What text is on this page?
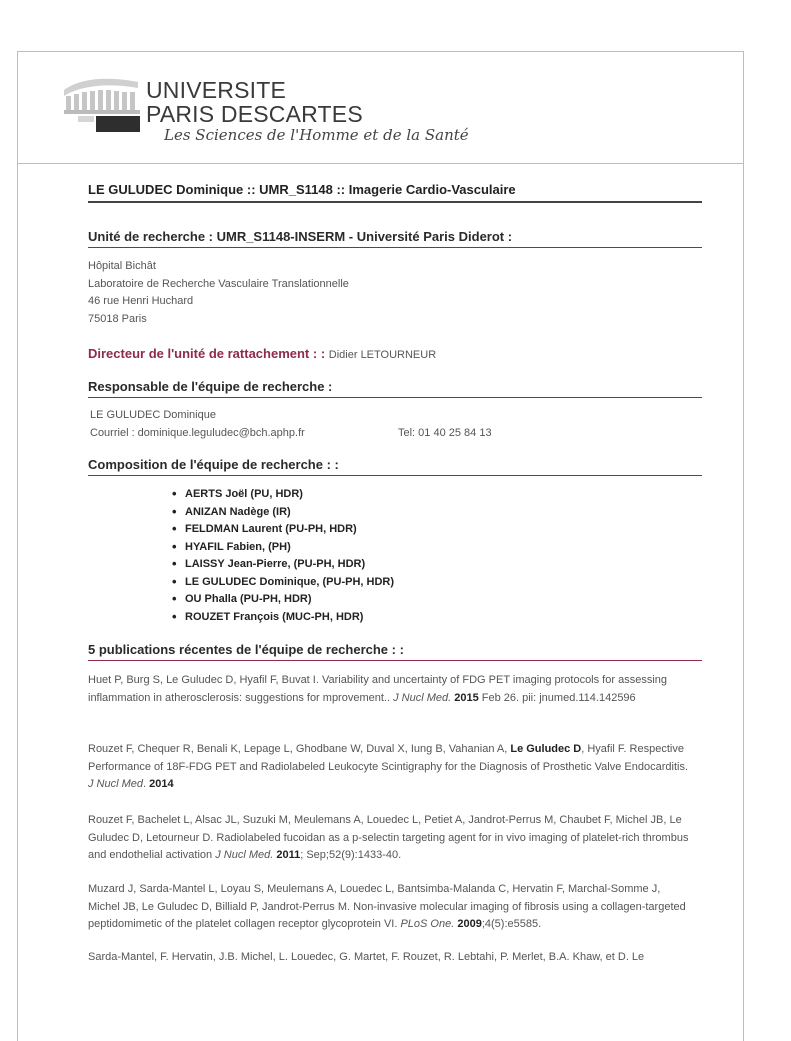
UNIVERSITE
PARIS DESCARTES
Les Sciences de l'Homme et de la Santé
LE GULUDEC Dominique :: UMR_S1148 :: Imagerie Cardio-Vasculaire
Unité de recherche : UMR_S1148-INSERM - Université Paris Diderot :
Hôpital Bichât
Laboratoire de Recherche Vasculaire Translationnelle
46 rue Henri Huchard
75018 Paris
Directeur de l'unité de rattachement : : Didier LETOURNEUR
Responsable de l'équipe de recherche :
LE GULUDEC Dominique
Courriel : dominique.leguludec@bch.aphp.fr	Tel: 01 40 25 84 13
Composition de l'équipe de recherche : :
• AERTS Joël (PU, HDR)
• ANIZAN Nadège (IR)
• FELDMAN Laurent (PU-PH, HDR)
• HYAFIL Fabien, (PH)
• LAISSY Jean-Pierre, (PU-PH, HDR)
• LE GULUDEC Dominique, (PU-PH, HDR)
• OU Phalla (PU-PH, HDR)
• ROUZET François (MUC-PH, HDR)
5 publications récentes de l'équipe de recherche : :
Huet P, Burg S, Le Guludec D, Hyafil F, Buvat I. Variability and uncertainty of FDG PET imaging protocols for assessing inflammation in atherosclerosis: suggestions for mprovement.. J Nucl Med. 2015 Feb 26. pii: jnumed.114.142596
Rouzet F, Chequer R, Benali K, Lepage L, Ghodbane W, Duval X, Iung B, Vahanian A, Le Guludec D, Hyafil F. Respective Performance of 18F-FDG PET and Radiolabeled Leukocyte Scintigraphy for the Diagnosis of Prosthetic Valve Endocarditis. J Nucl Med. 2014
Rouzet F, Bachelet L, Alsac JL, Suzuki M, Meulemans A, Louedec L, Petiet A, Jandrot-Perrus M, Chaubet F, Michel JB, Le Guludec D, Letourneur D. Radiolabeled fucoidan as a p-selectin targeting agent for in vivo imaging of platelet-rich thrombus and endothelial activation J Nucl Med. 2011; Sep;52(9):1433-40.
Muzard J, Sarda-Mantel L, Loyau S, Meulemans A, Louedec L, Bantsimba-Malanda C, Hervatin F, Marchal-Somme J, Michel JB, Le Guludec D, Billiald P, Jandrot-Perrus M. Non-invasive molecular imaging of fibrosis using a collagen-targeted peptidomimetic of the platelet collagen receptor glycoprotein VI. PLoS One. 2009;4(5):e5585.
Sarda-Mantel, F. Hervatin, J.B. Michel, L. Louedec, G. Martet, F. Rouzet, R. Lebtahi, P. Merlet, B.A. Khaw, et D. Le
